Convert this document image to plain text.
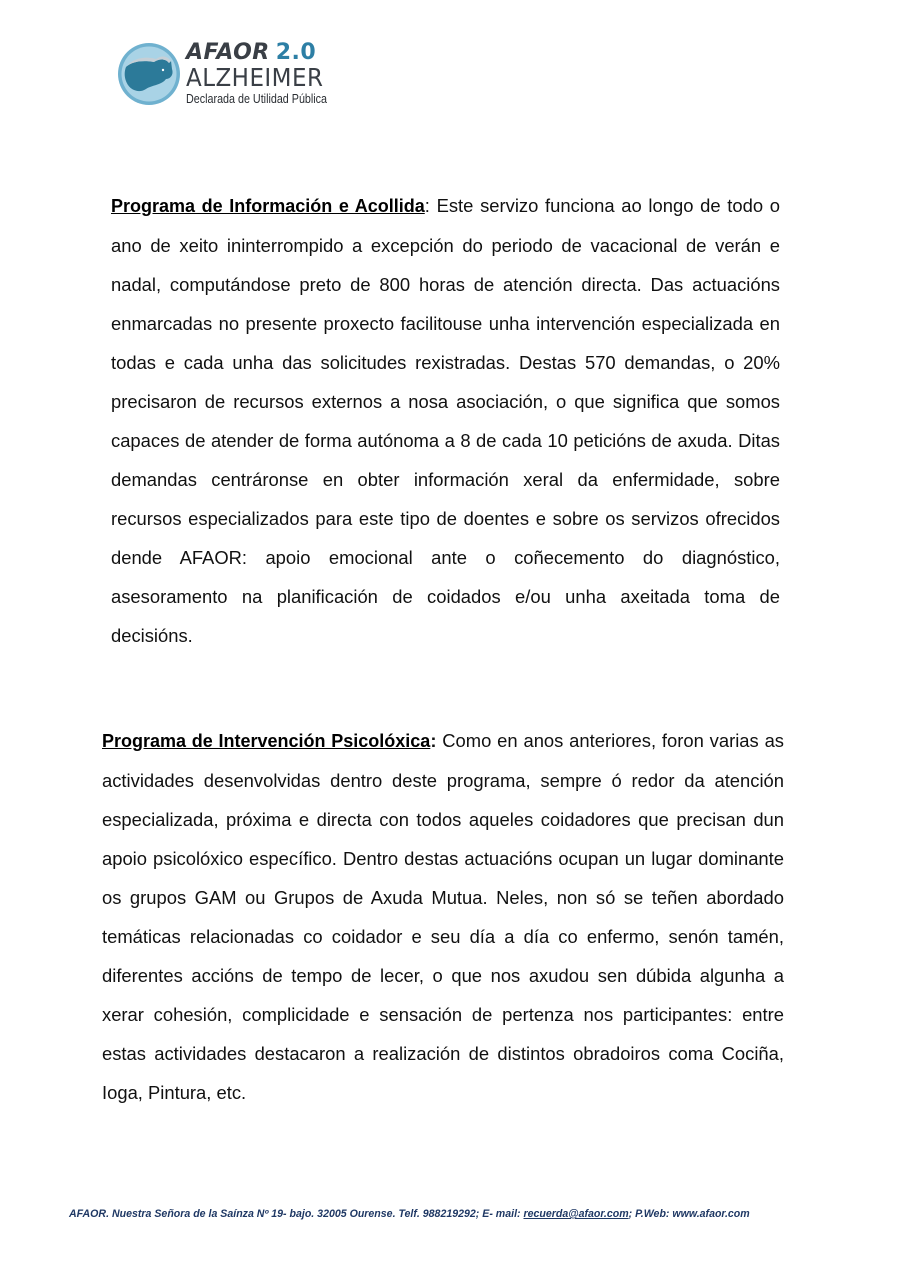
AFAOR 2.0
ALZHEIMER
Declarada de Utilidad Pública

Programa de Información e Acollida: Este servizo funciona ao longo de todo o ano de xeito ininterrompido a excepción do periodo de vacacional de verán e nadal, computándose preto de 800 horas de atención directa. Das actuacións enmarcadas no presente proxecto facilitouse unha intervención especializada en todas e cada unha das solicitudes rexistradas. Destas 570 demandas, o 20% precisaron de recursos externos a nosa asociación, o que significa que somos capaces de atender de forma autónoma a 8 de cada 10 peticións de axuda. Ditas demandas centráronse en obter información xeral da enfermidade, sobre recursos especializados para este tipo de doentes e sobre os servizos ofrecidos dende AFAOR: apoio emocional ante o coñecemento do diagnóstico, asesoramento na planificación de coidados e/ou unha axeitada toma de decisións.

Programa de Intervención Psicolóxica: Como en anos anteriores, foron varias as actividades desenvolvidas dentro deste programa, sempre ó redor da atención especializada, próxima e directa con todos aqueles coidadores que precisan dun apoio psicolóxico específico. Dentro destas actuacións ocupan un lugar dominante os grupos GAM ou Grupos de Axuda Mutua. Neles, non só se teñen abordado temáticas relacionadas co coidador e seu día a día co enfermo, senón tamén, diferentes accións de tempo de lecer, o que nos axudou sen dúbida algunha a xerar cohesión, complicidade e sensación de pertenza nos participantes: entre estas actividades destacaron a realización de distintos obradoiros coma Cociña, Ioga, Pintura, etc.

AFAOR. Nuestra Señora de la Saínza Nº 19- bajo. 32005 Ourense. Telf. 988219292; E- mail: recuerda@afaor.com; P.Web: www.afaor.com
